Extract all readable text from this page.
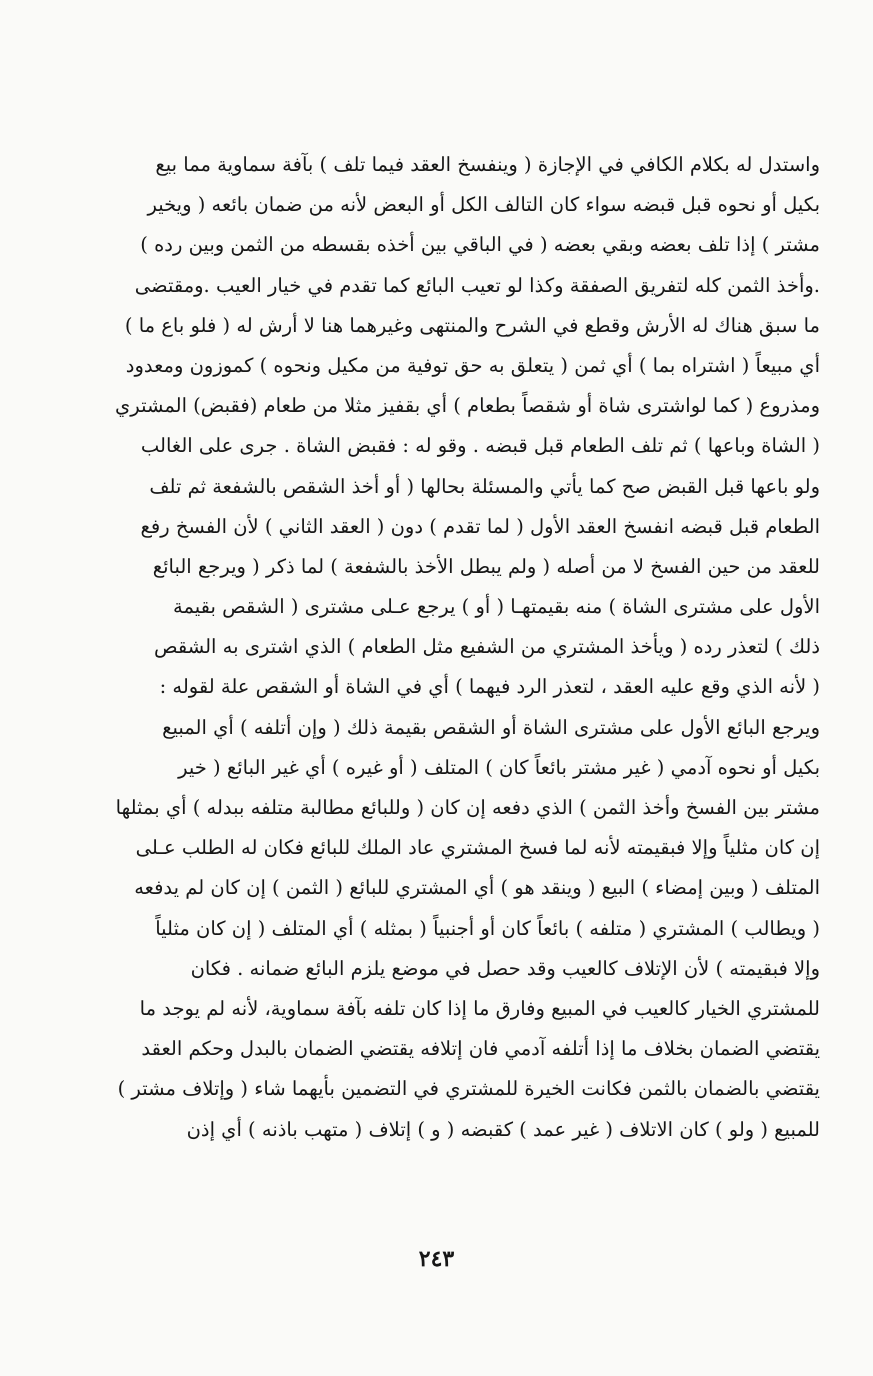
واستدل له بكلام الكافي في الإجازة ( وينفسخ العقد فيما تلف ) بآفة سماوية مما بيع
بكيل أو نحوه قبل قبضه سواء كان التالف الكل أو البعض لأنه من ضمان بائعه ( ويخير
مشتر ) إذا تلف بعضه وبقي بعضه ( في الباقي بين أخذه بقسطه من الثمن وبين رده )
.وأخذ الثمن كله لتفريق الصفقة وكذا لو تعيب البائع كما تقدم في خيار العيب .ومقتضى
ما سبق هناك له الأرش وقطع في الشرح والمنتهى وغيرهما هنا لا أرش له ( فلو باع ما )
أي مبيعاً ( اشتراه بما ) أي ثمن ( يتعلق به حق توفية من مكيل ونحوه ) كموزون ومعدود
ومذروع ( كما لواشترى شاة أو شقصاً بطعام ) أي بقفيز مثلا من طعام (فقبض) المشتري
( الشاة وباعها ) ثم تلف الطعام قبل قبضه . وقو له : فقبض الشاة . جرى على الغالب
ولو باعها قبل القبض صح كما يأتي والمسئلة بحالها ( أو أخذ الشقص بالشفعة ثم تلف
الطعام قبل قبضه انفسخ العقد الأول ( لما تقدم ) دون ( العقد الثاني ) لأن الفسخ رفع
للعقد من حين الفسخ لا من أصله ( ولم يبطل الأخذ بالشفعة ) لما ذكر ( ويرجع البائع
الأول على مشترى الشاة ) منه بقيمتهـا ( أو ) يرجع عـلى مشترى ( الشقص بقيمة
ذلك ) لتعذر رده ( ويأخذ المشتري من الشفيع مثل الطعام ) الذي اشترى به الشقص
( لأنه الذي وقع عليه العقد ، لتعذر الرد فيهما ) أي في الشاة أو الشقص علة لقوله :
ويرجع البائع الأول على مشترى الشاة أو الشقص بقيمة ذلك ( وإن أتلفه ) أي المبيع
بكيل أو نحوه آدمي ( غير مشتر بائعاً كان ) المتلف ( أو غيره ) أي غير البائع ( خير
مشتر بين الفسخ وأخذ الثمن ) الذي دفعه إن كان ( وللبائع مطالبة متلفه ببدله ) أي بمثلها
إن كان مثلياً وإلا فبقيمته لأنه لما فسخ المشتري عاد الملك للبائع فكان له الطلب عـلى
المتلف ( وبين إمضاء ) البيع ( وينقد هو ) أي المشتري للبائع ( الثمن ) إن كان لم يدفعه
( ويطالب ) المشتري ( متلفه ) بائعاً كان أو أجنبياً ( بمثله ) أي المتلف ( إن كان مثلياً
وإلا فبقيمته ) لأن الإتلاف كالعيب وقد حصل في موضع يلزم البائع ضمانه . فكان
للمشتري الخيار كالعيب في المبيع وفارق ما إذا كان تلفه بآفة سماوية، لأنه لم يوجد ما
يقتضي الضمان بخلاف ما إذا أتلفه آدمي فان إتلافه يقتضي الضمان بالبدل وحكم العقد
يقتضي بالضمان بالثمن فكانت الخيرة للمشتري في التضمين بأيهما شاء ( وإتلاف مشتر )
للمبيع ( ولو ) كان الاتلاف ( غير عمد ) كقبضه ( و ) إتلاف ( متهب باذنه ) أي إذن
٢٤٣
